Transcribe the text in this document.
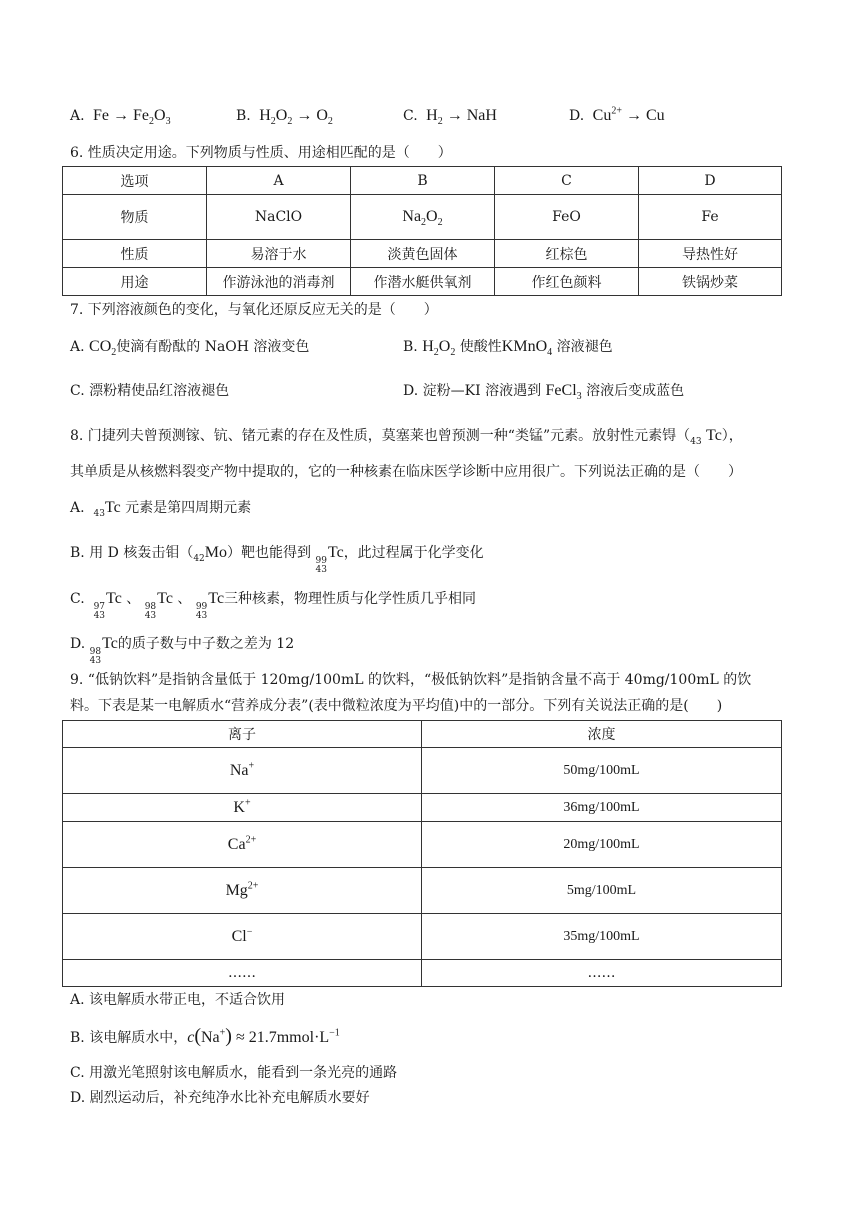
A. $Fe \to Fe_2O_3$	B. $H_2O_2 \to O_2$	C. $H_2$ → NaH	D. $Cu^{2+} \to Cu$
6. 性质决定用途。下列物质与性质、用途相匹配的是（　　）
选项	A	B	C	D
物质	NaClO	$Na_2O_2$	FeO	Fe
性质	易溶于水	淡黄色固体	红棕色	导热性好
用途	作游泳池的消毒剂	作潜水艇供氧剂	作红色颜料	铁锅炒菜
7. 下列溶液颜色的变化，与氧化还原反应无关的是（　　）
A. $CO_2$使滴有酚酞的 NaOH 溶液变色	B. $H_2O_2$ 使酸性KMnO$_4$ 溶液褪色
C. 漂粉精使品红溶液褪色	D. 淀粉—KI 溶液遇到 FeCl$_3$ 溶液后变成蓝色
8. 门捷列夫曾预测镓、钪、锗元素的存在及性质，莫塞莱也曾预测一种“类锰”元素。放射性元素锝（$_{43}$ Tc），
其单质是从核燃料裂变产物中提取的，它的一种核素在临床医学诊断中应用很广。下列说法正确的是（　　）
A. $_{43}$Tc 元素是第四周期元素
B. 用 D 核轰击钼$(_{42}Mo)$靶也能得到 99
43
Tc，此过程属于化学变化
C. 97
43
Tc 、 98
43
Tc 、 99
43
Tc三种核素，物理性质与化学性质几乎相同
D. 98
43
Tc的质子数与中子数之差为 12
9. “低钠饮料”是指钠含量低于 120mg/100mL 的饮料，“极低钠饮料”是指钠含量不高于 40mg/100mL 的饮
料。下表是某一电解质水“营养成分表”(表中微粒浓度为平均值)中的一部分。下列有关说法正确的是(　　)
离子	浓度
Na+	50mg/100mL
K+	36mg/100mL
$Ca^{2+}$	20mg/100mL
$Mg^{2+}$	5mg/100mL
Cl−	35mg/100mL
……	……
A. 该电解质水带正电，不适合饮用
B. 该电解质水中，$c(Na^+) \approx 21.7mmol\cdot L^{-1}$
C. 用激光笔照射该电解质水，能看到一条光亮的通路
D. 剧烈运动后，补充纯净水比补充电解质水要好
